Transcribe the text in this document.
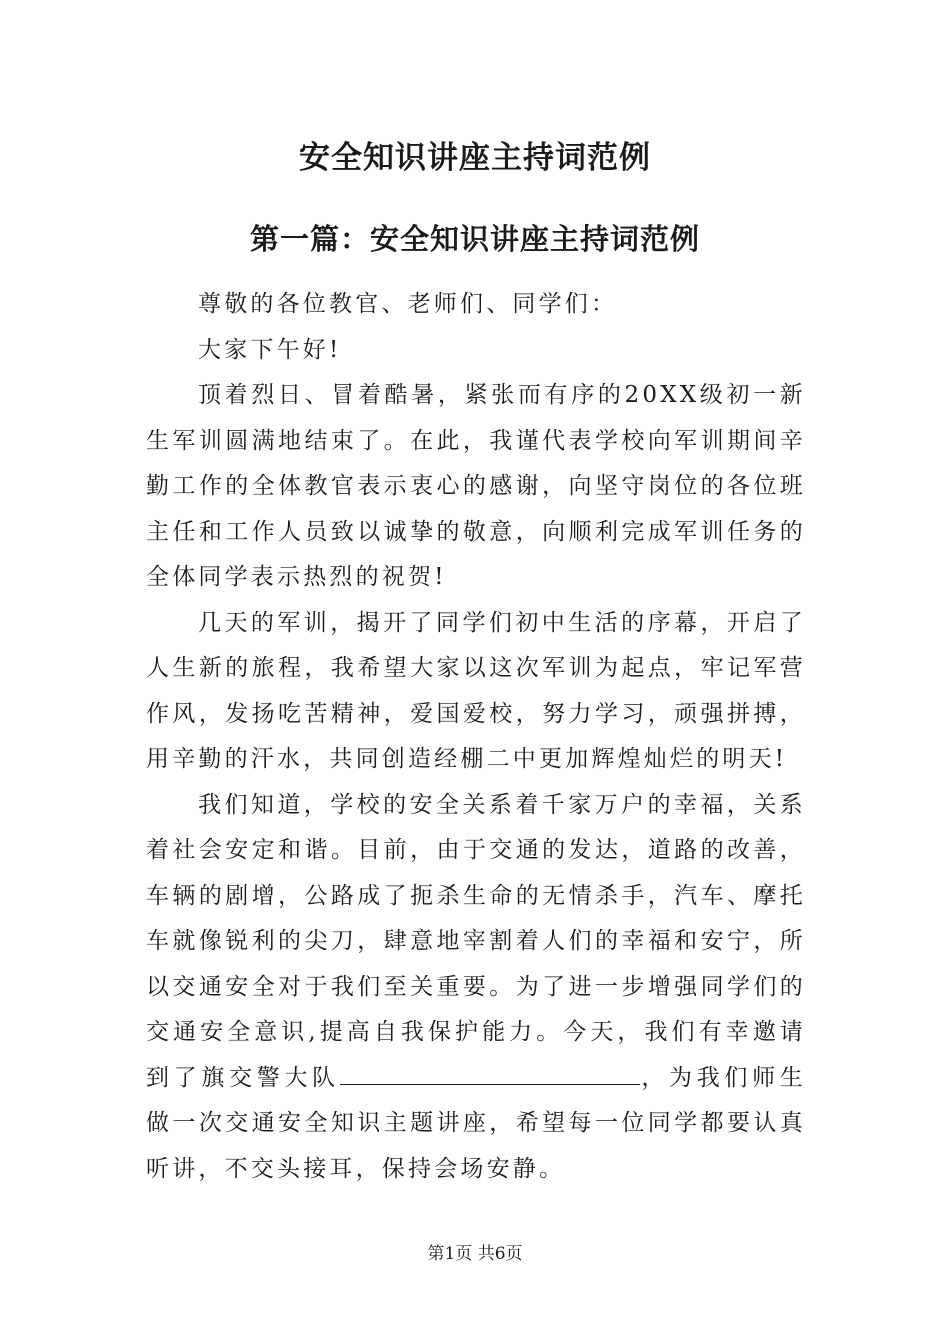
安全知识讲座主持词范例
第一篇：安全知识讲座主持词范例

尊敬的各位教官、老师们、同学们：

大家下午好!

顶着烈日、冒着酷暑，紧张而有序的20XX级初一新生军训圆满地结束了。在此，我谨代表学校向军训期间辛勤工作的全体教官表示衷心的感谢，向坚守岗位的各位班主任和工作人员致以诚挚的敬意，向顺利完成军训任务的全体同学表示热烈的祝贺!

几天的军训，揭开了同学们初中生活的序幕，开启了人生新的旅程，我希望大家以这次军训为起点，牢记军营作风，发扬吃苦精神，爱国爱校，努力学习，顽强拼搏，用辛勤的汗水，共同创造经棚二中更加辉煌灿烂的明天!

我们知道，学校的安全关系着千家万户的幸福，关系着社会安定和谐。目前，由于交通的发达，道路的改善，车辆的剧增，公路成了扼杀生命的无情杀手，汽车、摩托车就像锐利的尖刀，肆意地宰割着人们的幸福和安宁，所以交通安全对于我们至关重要。为了进一步增强同学们的交通安全意识,提高自我保护能力。今天，我们有幸邀请到了旗交警大队	，为我们师生做一次交通安全知识主题讲座，希望每一位同学都要认真听讲，不交头接耳，保持会场安静。

第1页 共6页
